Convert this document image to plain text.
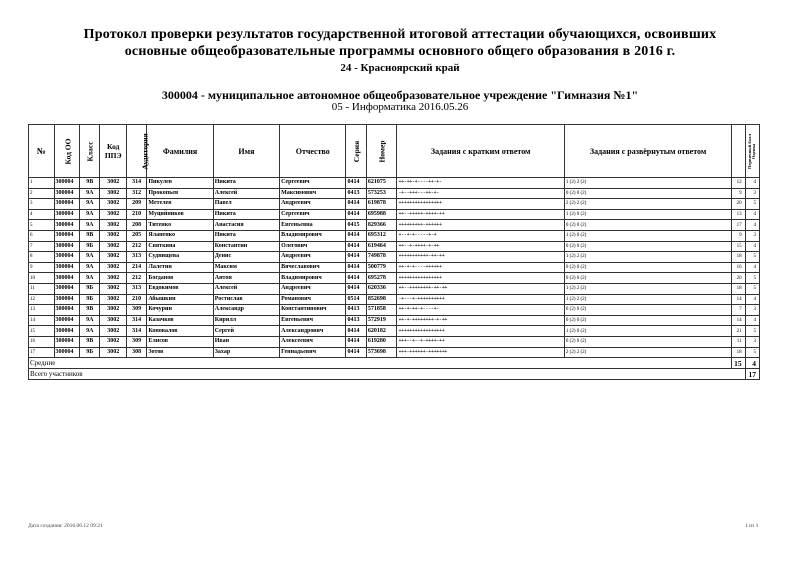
Протокол проверки результатов государственной итоговой аттестации обучающихся, освоивших
основные общеобразовательные программы основного общего образования в 2016 г.
24 - Красноярский край
300004 - муниципальное автономное общеобразовательное учреждение "Гимназия №1"
05 - Информатика 2016.05.26
№	Код ОО	Класс	Код ППЭ	Аудитория	Фамилия	Имя	Отчество	Серия	Номер	Задания с кратким ответом	Задания с развёрнутым ответом	Первичный балл	Оценка
1	300004	9В	3002	314	Пикулев	Никита	Сергеевич	0414	621075	++-++-+----++-+-	1 (2) 2 (2)	12	4
2	300004	9А	3002	312	Прокопьев	Алексей	Максимович	0413	573253	-+--+++---++-+-	0 (2) 0 (2)	9	3
3	300004	9А	3002	209	Метелев	Павел	Андреевич	0414	619878	++++++++++++++++	2 (2) 2 (2)	20	5
4	300004	9А	3002	210	Муцийников	Никита	Сергеевич	0414	695988	++--+++++-++++-++	1 (2) 0 (2)	13	4
5	300004	9А	3002	208	Титенко	Анастасия	Евгеньевна	0415	829366	+++++++++-++++++	0 (2) 0 (2)	17	4
6	300004	9В	3002	205	Яланенко	Никита	Владимирович	0414	695312	+--+-+-----+-+	1 (2) 0 (2)	9	3
7	300004	9Б	3002	212	Святкина	Константин	Олегович	0414	619464	++--+-++++-+-++	0 (2) 0 (2)	15	4
8	300004	9А	3002	313	Суднищева	Денис	Андреевич	0414	749878	+++++++++++-++-++	1 (2) 2 (2)	18	5
9	300004	9А	3002	214	Лалетин	Максим	Вячеславович	0414	500779	++-+-+----++++++	0 (2) 0 (2)	16	4
10	300004	9А	3002	212	Богданов	Антон	Владимирович	0414	695278	++++++++++++++++	0 (2) 0 (2)	20	5
11	300004	9Б	3002	313	Евдокимов	Алексей	Андреевич	0414	620336	++--++++++++-++-++	1 (2) 2 (2)	18	5
12	300004	9Б	3002	210	Абышкин	Ростислав	Романович	0514	852698	-+---+-++++++++++	1 (2) 2 (2)	14	4
13	300004	9В	3002	309	Кочурин	Александр	Константинович	0413	571858	++-+-++-+----+-	0 (2) 0 (2)	7	3
14	300004	9А	3002	314	Казачков	Кирилл	Евгеньевич	0413	572919	++-+-++++++++-+-++	0 (2) 0 (2)	14	4
15	300004	9А	3002	314	Коновалов	Сергей	Александрович	0414	620182	+++++++++++++++++	1 (2) 0 (2)	21	5
16	300004	9В	3002	309	Елисов	Иван	Алексеевич	0414	619280	+++--+--+-++++-++	0 (2) 0 (2)	11	3
17	300004	9Б	3002	308	Зотов	Захар	Геннадьевич	0414	573698	+++-++++++-+++++++	2 (2) 2 (2)	18	5
Средние												15	4
Всего участников													17
Дата создания: 2016.06.12 09:21	1 из 1
